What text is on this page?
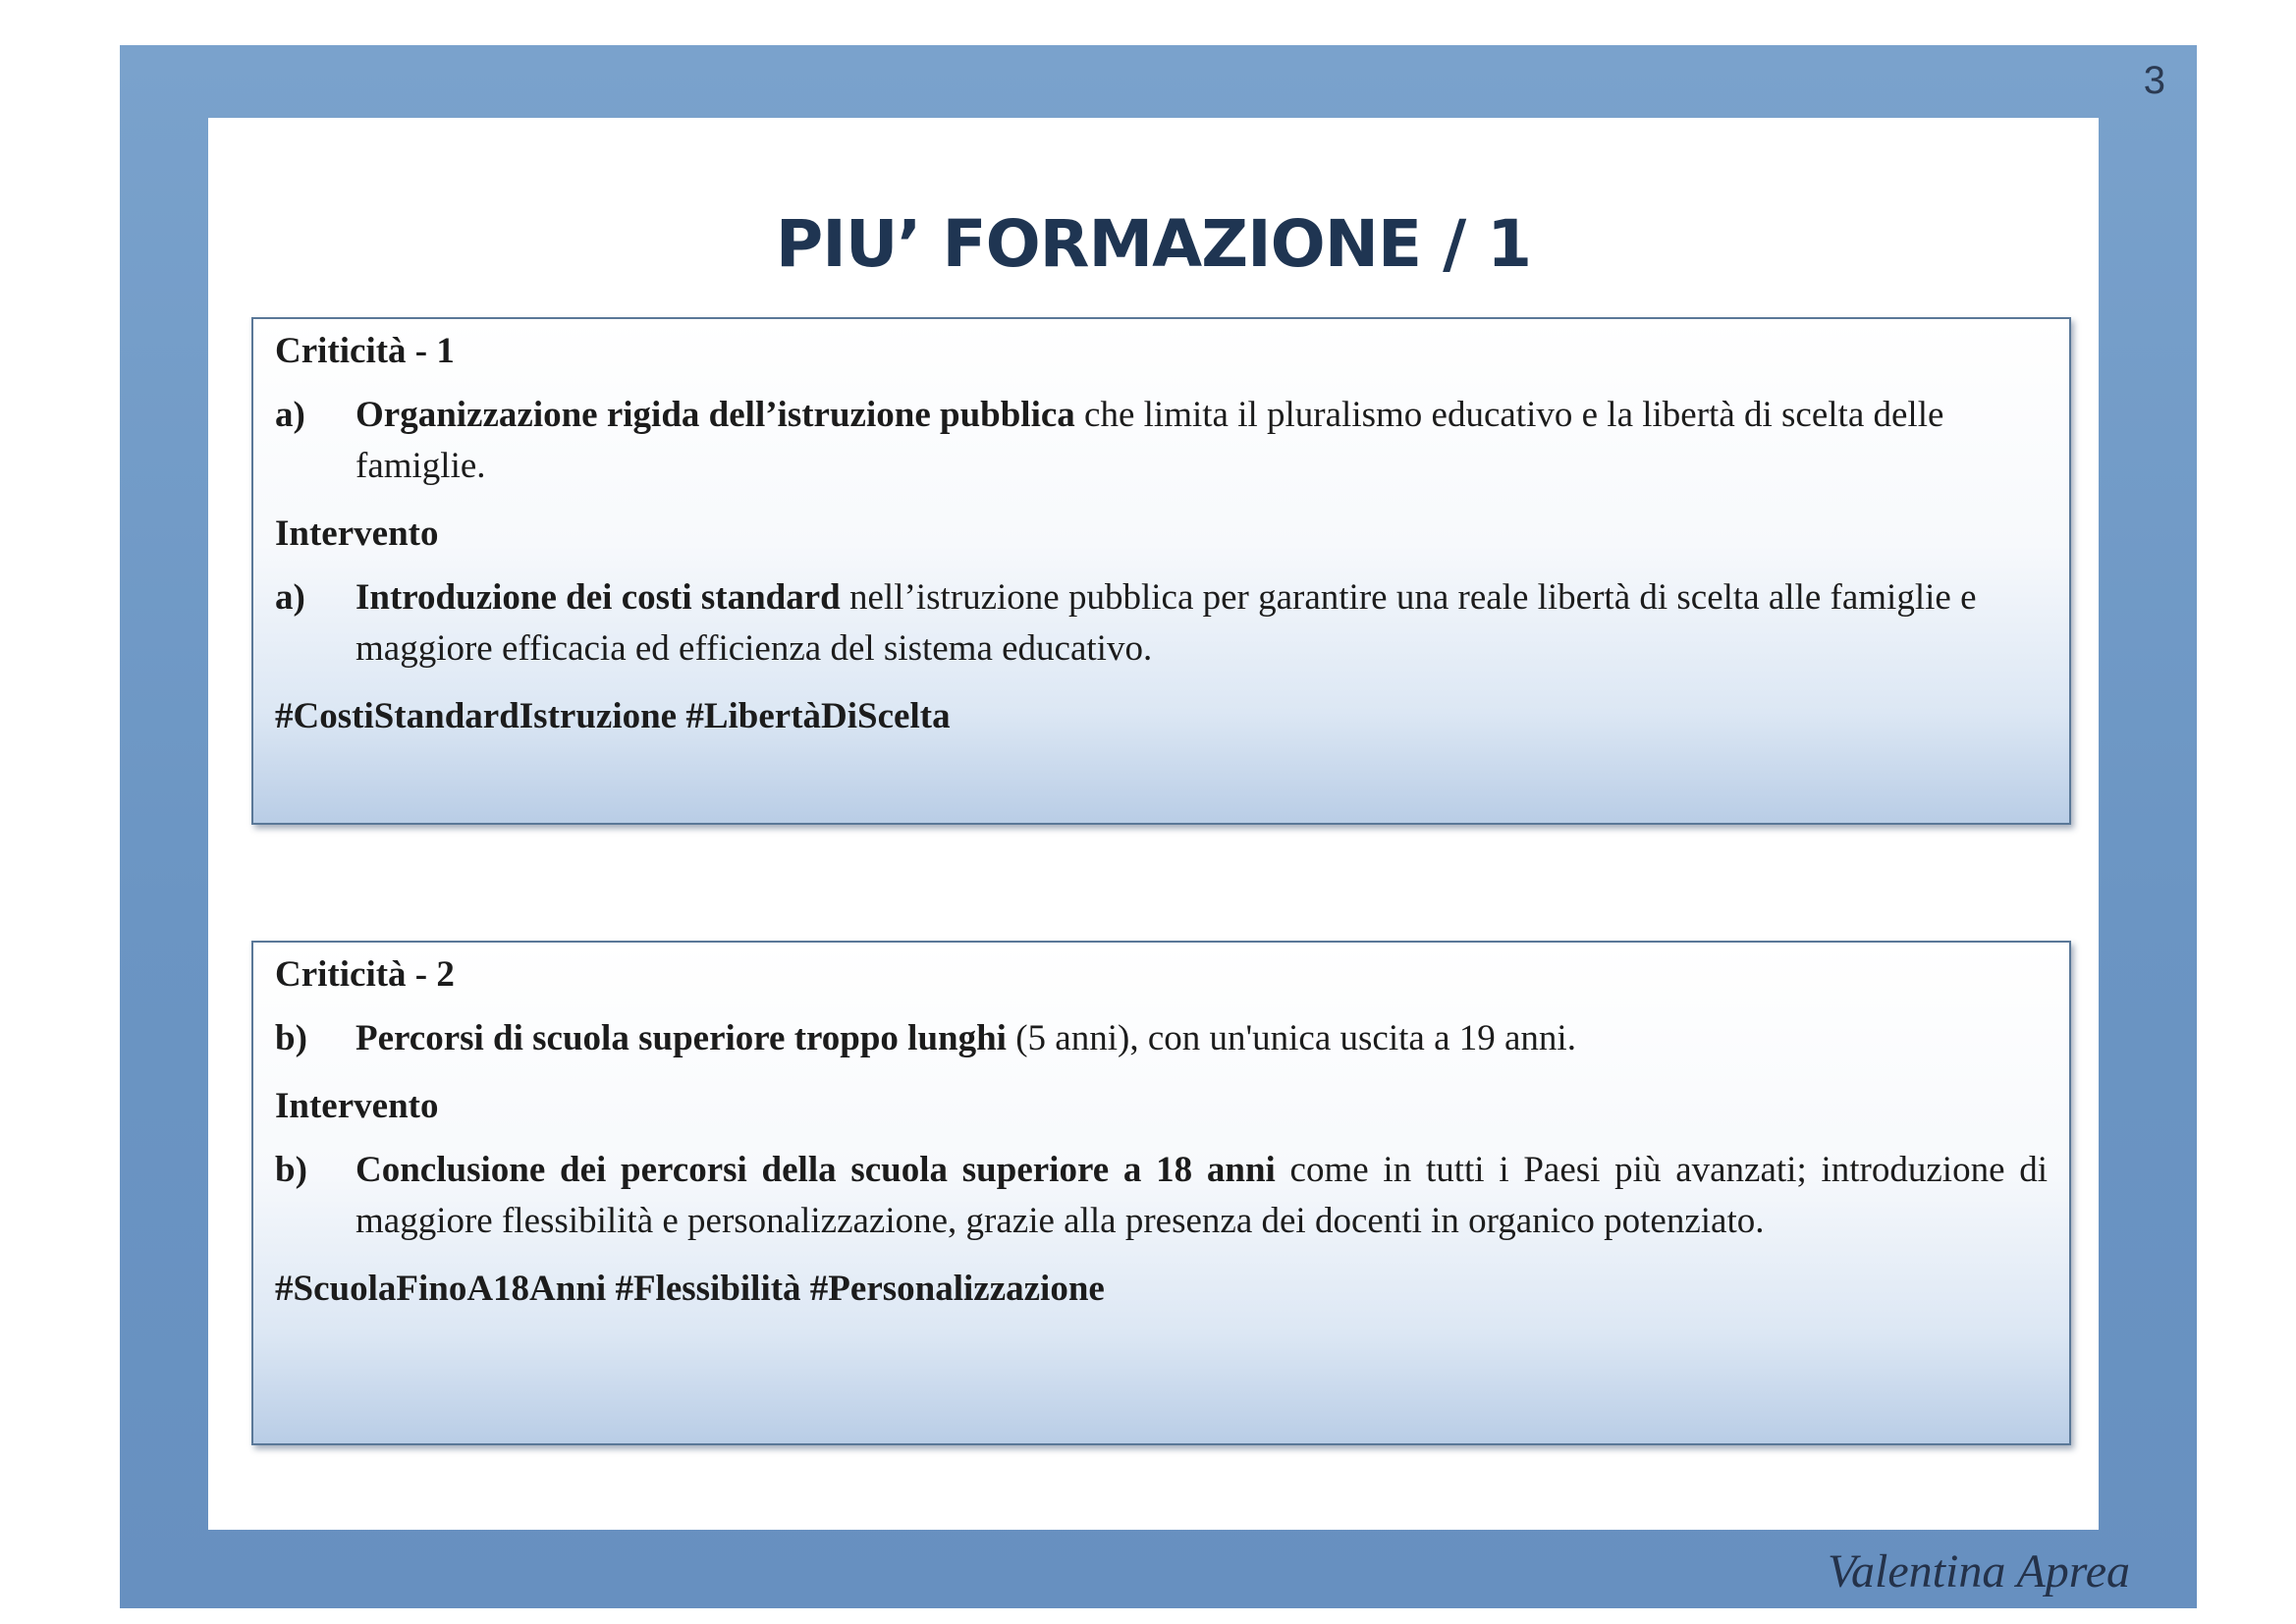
3
PIU’ FORMAZIONE / 1

Criticità - 1

a)	Organizzazione rigida dell’istruzione pubblica che limita il pluralismo educativo e la libertà di scelta delle famiglie.

Intervento

a)	Introduzione dei costi standard nell’istruzione pubblica per garantire una reale libertà di scelta alle famiglie e maggiore efficacia ed efficienza del sistema educativo.

#CostiStandardIstruzione #LibertàDiScelta

Criticità - 2

b)	Percorsi di scuola superiore troppo lunghi (5 anni), con un'unica uscita a 19 anni.

Intervento

b)	Conclusione dei percorsi della scuola superiore a 18 anni come in tutti i Paesi più avanzati; introduzione di maggiore flessibilità e personalizzazione, grazie alla presenza dei docenti in organico potenziato.

#ScuolaFinoA18Anni #Flessibilità #Personalizzazione

Valentina Aprea
